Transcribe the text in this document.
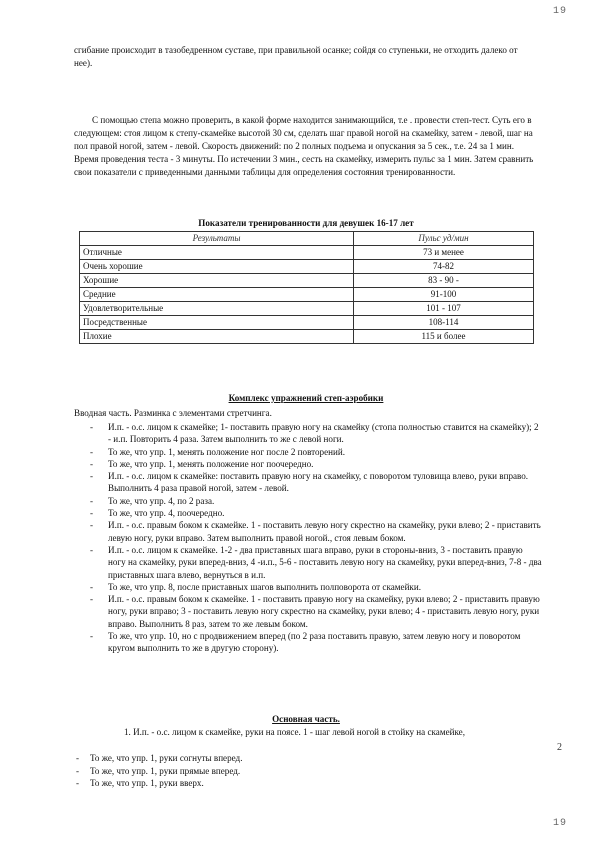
19
сгибание происходит в тазобедренном суставе, при правильной осанке; сойдя со ступеньки, не отходить далеко от нее).
С помощью степа можно проверить, в какой форме находится занимающийся, т.е . провести степ-тест. Суть его в следующем: стоя лицом к степу-скамейке высотой 30 см, сделать шаг правой ногой на скамейку, затем - левой, шаг на пол правой ногой, затем - левой. Скорость движений: по 2 полных подъема и опускания за 5 сек., т.е. 24 за 1 мин. Время проведения теста - 3 минуты. По истечении 3 мин., сесть на скамейку, измерить пульс за 1 мин. Затем сравнить свои показатели с приведенными данными таблицы для определения состояния тренированности.
Показатели тренированности для девушек 16-17 лет
Результаты	Пульс уд/мин
Отличные	73 и менее
Очень хорошие	74-82
Хорошие	83 - 90 -
Средние	91-100
Удовлетворительные	101 - 107
Посредственные	108-114
Плохие	115 и более
Комплекс упражнений степ-аэробики
Вводная часть. Разминка с элементами стретчинга.
- И.п. - о.с. лицом к скамейке; 1- поставить правую ногу на скамейку (стопа полностью ставится на скамейку); 2 - и.п. Повторить 4 раза. Затем выполнить то же с левой ноги.
- То же, что упр. 1, менять положение ног после 2 повторений.
- То же, что упр. 1, менять положение ног поочередно.
- И.п. - о.с. лицом к скамейке: поставить правую ногу на скамейку, с поворотом туловища влево, руки вправо. Выполнить 4 раза правой ногой, затем - левой.
- То же, что упр. 4, по 2 раза.
- То же, что упр. 4, поочередно.
- И.п. - о.с. правым боком к скамейке. 1 - поставить левую ногу скрестно на скамейку, руки влево; 2 - приставить левую ногу, руки вправо. Затем выполнить правой ногой., стоя левым боком.
- И.п. - о.с. лицом к скамейке. 1-2 - два приставных шага вправо, руки в стороны-вниз, 3 - поставить правую ногу на скамейку, руки вперед-вниз, 4 -и.п., 5-6 - поставить левую ногу на скамейку, руки вперед-вниз, 7-8 - два приставных шага влево, вернуться в и.п.
- То же, что упр. 8, после приставных шагов выполнить полповорота от скамейки.
- И.п. - о.с. правым боком к скамейке. 1 - поставить правую ногу на скамейку, руки влево; 2 - приставить правую ногу, руки вправо; 3 - поставить левую ногу скрестно на скамейку, руки влево; 4 - приставить левую ногу, руки вправо. Выполнить 8 раз, затем то же левым боком.
- То же, что упр. 10, но с продвижением вперед (по 2 раза поставить правую, затем левую ногу и поворотом кругом выполнить то же в другую сторону).
Основная часть.
1. И.п. - о.с. лицом к скамейке, руки на поясе. 1 - шаг левой ногой в стойку на скамейке,
2
- То же, что упр. 1, руки согнуты вперед.
- То же, что упр. 1, руки прямые вперед.
- То же, что упр. 1, руки вверх.
19
